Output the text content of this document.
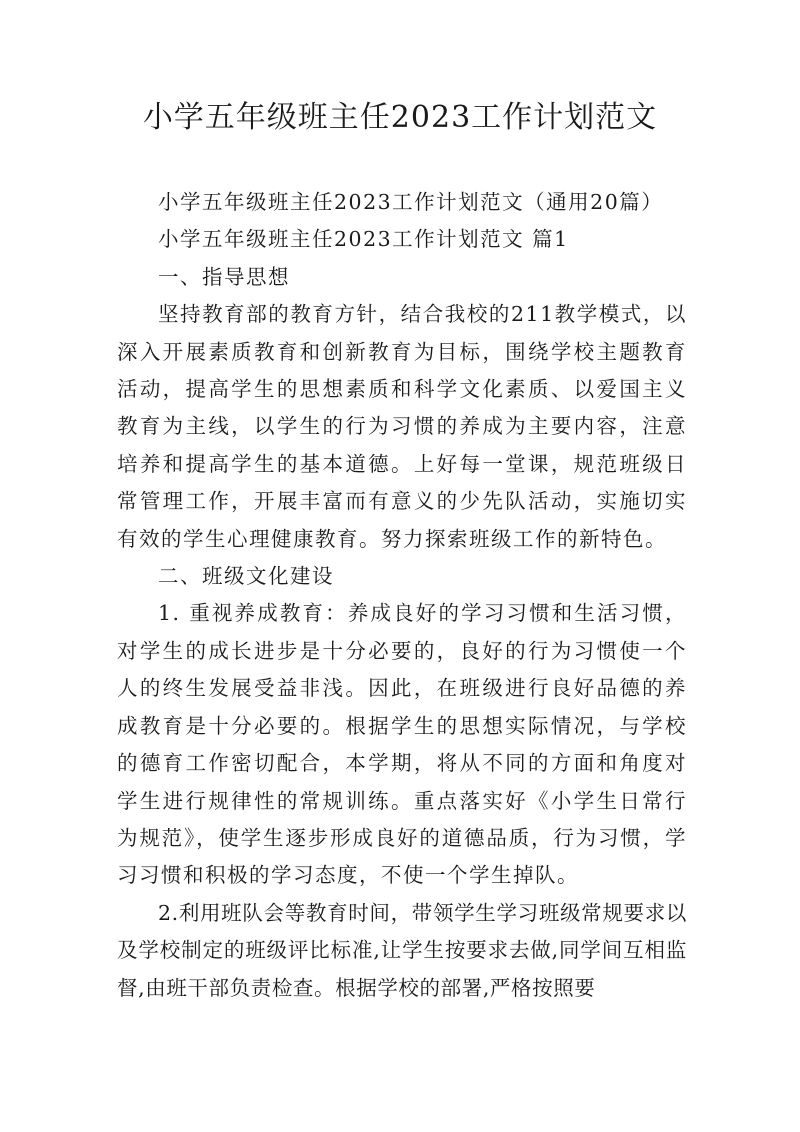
小学五年级班主任2023工作计划范文

小学五年级班主任2023工作计划范文（通用20篇）

小学五年级班主任2023工作计划范文 篇1

一、指导思想

坚持教育部的教育方针，结合我校的211教学模式，以深入开展素质教育和创新教育为目标，围绕学校主题教育活动，提高学生的思想素质和科学文化素质、以爱国主义教育为主线，以学生的行为习惯的养成为主要内容，注意培养和提高学生的基本道德。上好每一堂课，规范班级日常管理工作，开展丰富而有意义的少先队活动，实施切实有效的学生心理健康教育。努力探索班级工作的新特色。

二、班级文化建设

1. 重视养成教育：养成良好的学习习惯和生活习惯，对学生的成长进步是十分必要的，良好的行为习惯使一个人的终生发展受益非浅。因此，在班级进行良好品德的养成教育是十分必要的。根据学生的思想实际情况，与学校的德育工作密切配合，本学期，将从不同的方面和角度对学生进行规律性的常规训练。重点落实好《小学生日常行为规范》，使学生逐步形成良好的道德品质，行为习惯，学习习惯和积极的学习态度，不使一个学生掉队。

2.利用班队会等教育时间，带领学生学习班级常规要求以及学校制定的班级评比标准,让学生按要求去做,同学间互相监督,由班干部负责检查。根据学校的部署,严格按照要
